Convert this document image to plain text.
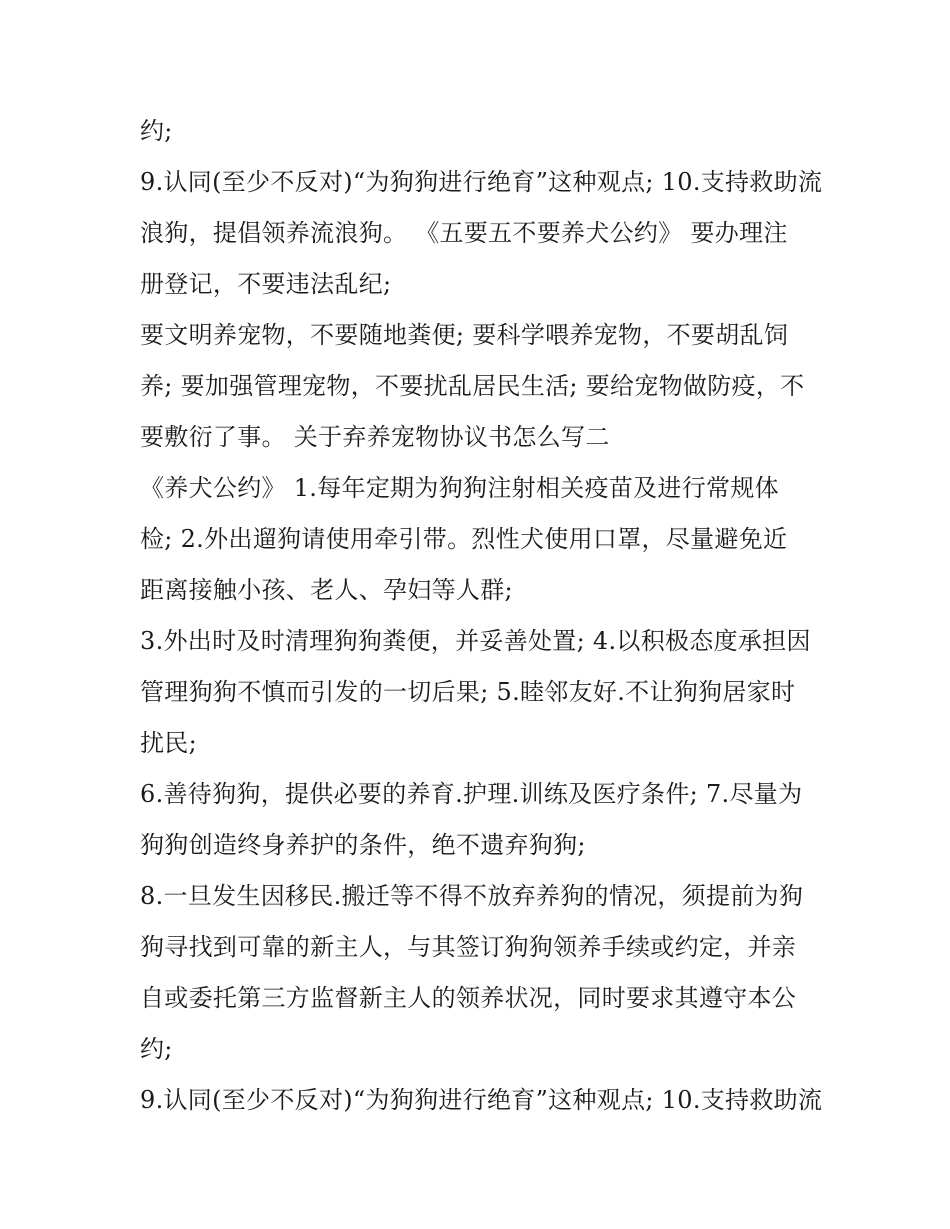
约;
9.认同(至少不反对)“为狗狗进行绝育”这种观点; 10.支持救助流
浪狗，提倡领养流浪狗。 《五要五不要养犬公约》 要办理注
册登记，不要违法乱纪;
要文明养宠物，不要随地粪便; 要科学喂养宠物，不要胡乱饲
养; 要加强管理宠物，不要扰乱居民生活; 要给宠物做防疫，不
要敷衍了事。 关于弃养宠物协议书怎么写二
《养犬公约》 1.每年定期为狗狗注射相关疫苗及进行常规体
检; 2.外出遛狗请使用牵引带。烈性犬使用口罩，尽量避免近
距离接触小孩、老人、孕妇等人群;
3.外出时及时清理狗狗粪便，并妥善处置; 4.以积极态度承担因
管理狗狗不慎而引发的一切后果; 5.睦邻友好.不让狗狗居家时
扰民;
6.善待狗狗，提供必要的养育.护理.训练及医疗条件; 7.尽量为
狗狗创造终身养护的条件，绝不遗弃狗狗;
8.一旦发生因移民.搬迁等不得不放弃养狗的情况，须提前为狗
狗寻找到可靠的新主人，与其签订狗狗领养手续或约定，并亲
自或委托第三方监督新主人的领养状况，同时要求其遵守本公
约;
9.认同(至少不反对)“为狗狗进行绝育”这种观点; 10.支持救助流
